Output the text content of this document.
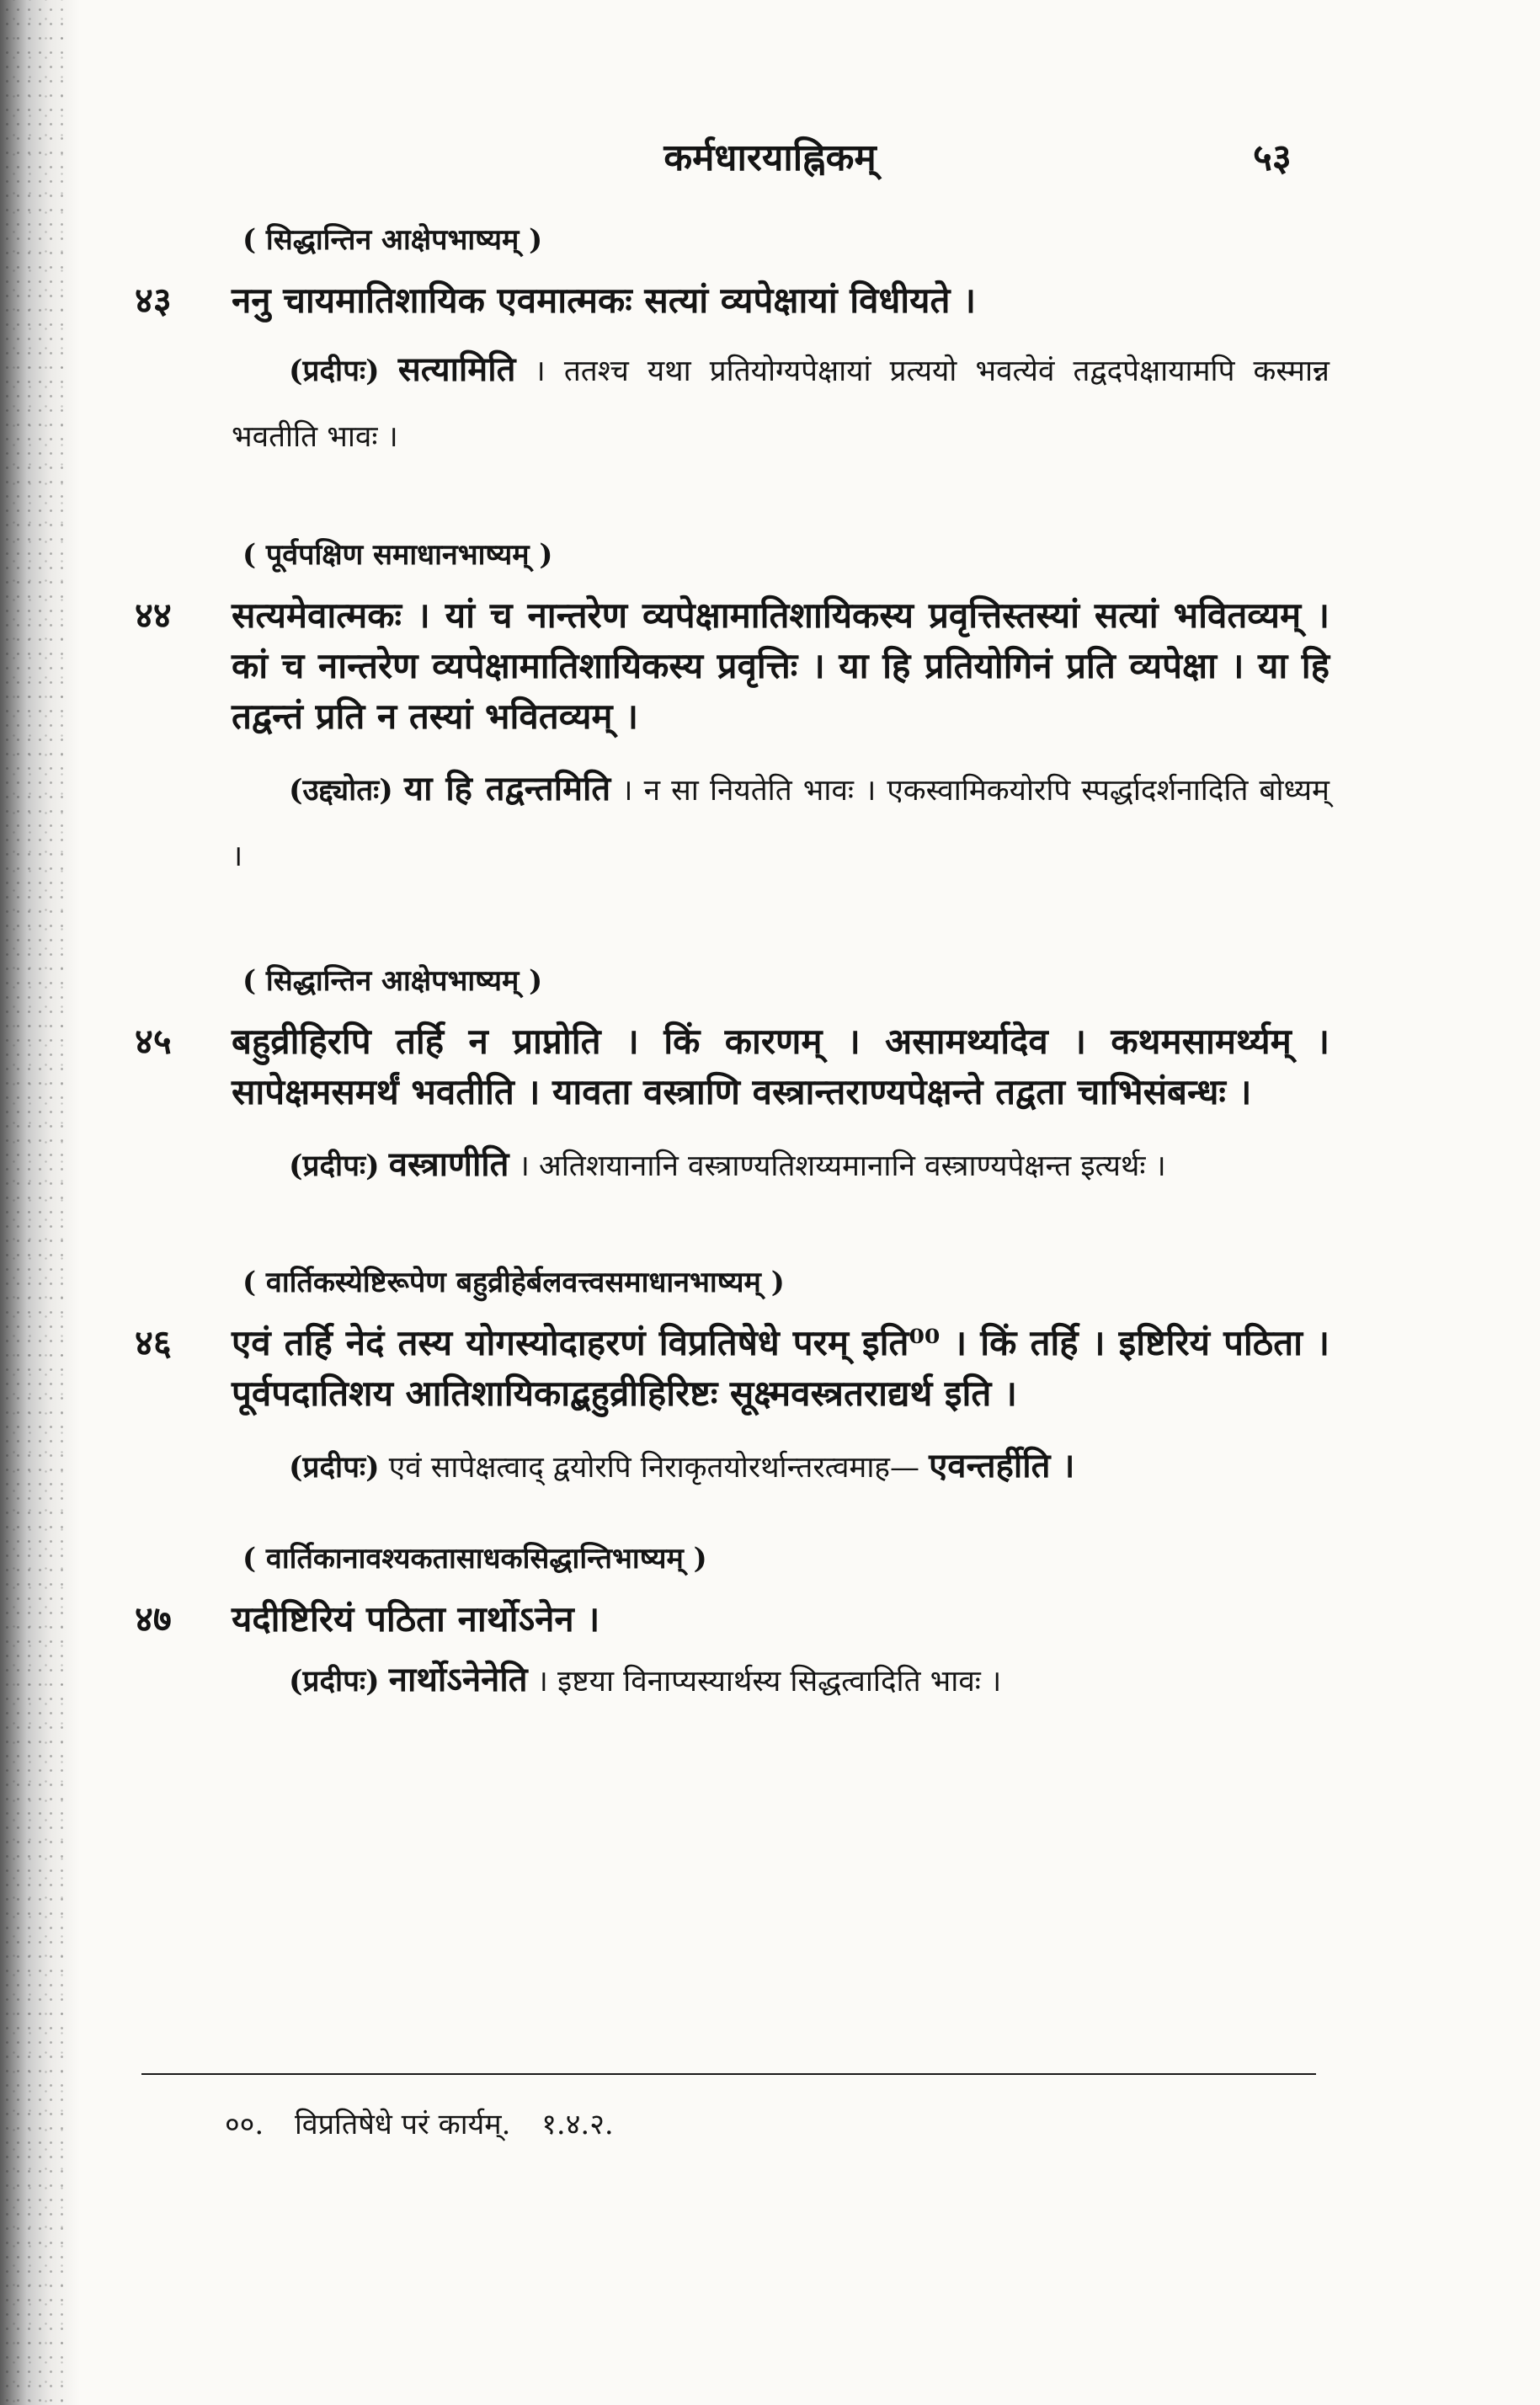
कर्मधारयाह्निकम्	५३

( सिद्धान्तिन आक्षेपभाष्यम् )

४३ ननु चायमातिशायिक एवमात्मकः सत्यां व्यपेक्षायां विधीयते ।

(प्रदीपः) सत्यामिति । ततश्च यथा प्रतियोग्यपेक्षायां प्रत्ययो भवत्येवं तद्वदपेक्षायामपि कस्मान्न भवतीति भावः ।

( पूर्वपक्षिण समाधानभाष्यम् )

४४ सत्यमेवात्मकः । यां च नान्तरेण व्यपेक्षामातिशायिकस्य प्रवृत्तिस्तस्यां सत्यां भवितव्यम् । कां च नान्तरेण व्यपेक्षामातिशायिकस्य प्रवृत्तिः । या हि प्रतियोगिनं प्रति व्यपेक्षा । या हि तद्वन्तं प्रति न तस्यां भवितव्यम् ।

(उद्द्योतः) या हि तद्वन्तमिति । न सा नियतेति भावः । एकस्वामिकयोरपि स्पर्द्धादर्शनादिति बोध्यम् ।

( सिद्धान्तिन आक्षेपभाष्यम् )

४५ बहुव्रीहिरपि तर्हि न प्राप्नोति । किं कारणम् । असामर्थ्यादेव । कथमसामर्थ्यम् । सापेक्षमसमर्थं भवतीति । यावता वस्त्राणि वस्त्रान्तराण्यपेक्षन्ते तद्वता चाभिसंबन्धः ।

(प्रदीपः) वस्त्राणीति । अतिशयानानि वस्त्राण्यतिशय्यमानानि वस्त्राण्यपेक्षन्त इत्यर्थः ।

( वार्तिकस्येष्टिरूपेण बहुव्रीहेर्बलवत्त्वसमाधानभाष्यम् )

४६ एवं तर्हि नेदं तस्य योगस्योदाहरणं विप्रतिषेधे परम् इति⁰⁰ । किं तर्हि । इष्टिरियं पठिता । पूर्वपदातिशय आतिशायिकाद्बहुव्रीहिरिष्टः सूक्ष्मवस्त्रतराद्यर्थ इति ।

(प्रदीपः) एवं सापेक्षत्वाद् द्वयोरपि निराकृतयोरर्थान्तरत्वमाह— एवन्तर्हीति ।

( वार्तिकानावश्यकतासाधकसिद्धान्तिभाष्यम् )

४७ यदीष्टिरियं पठिता नार्थोऽनेन ।

(प्रदीपः) नार्थोऽनेनेति । इष्टया विनाप्यस्यार्थस्य सिद्धत्वादिति भावः ।

००. विप्रतिषेधे परं कार्यम्. १.४.२.
